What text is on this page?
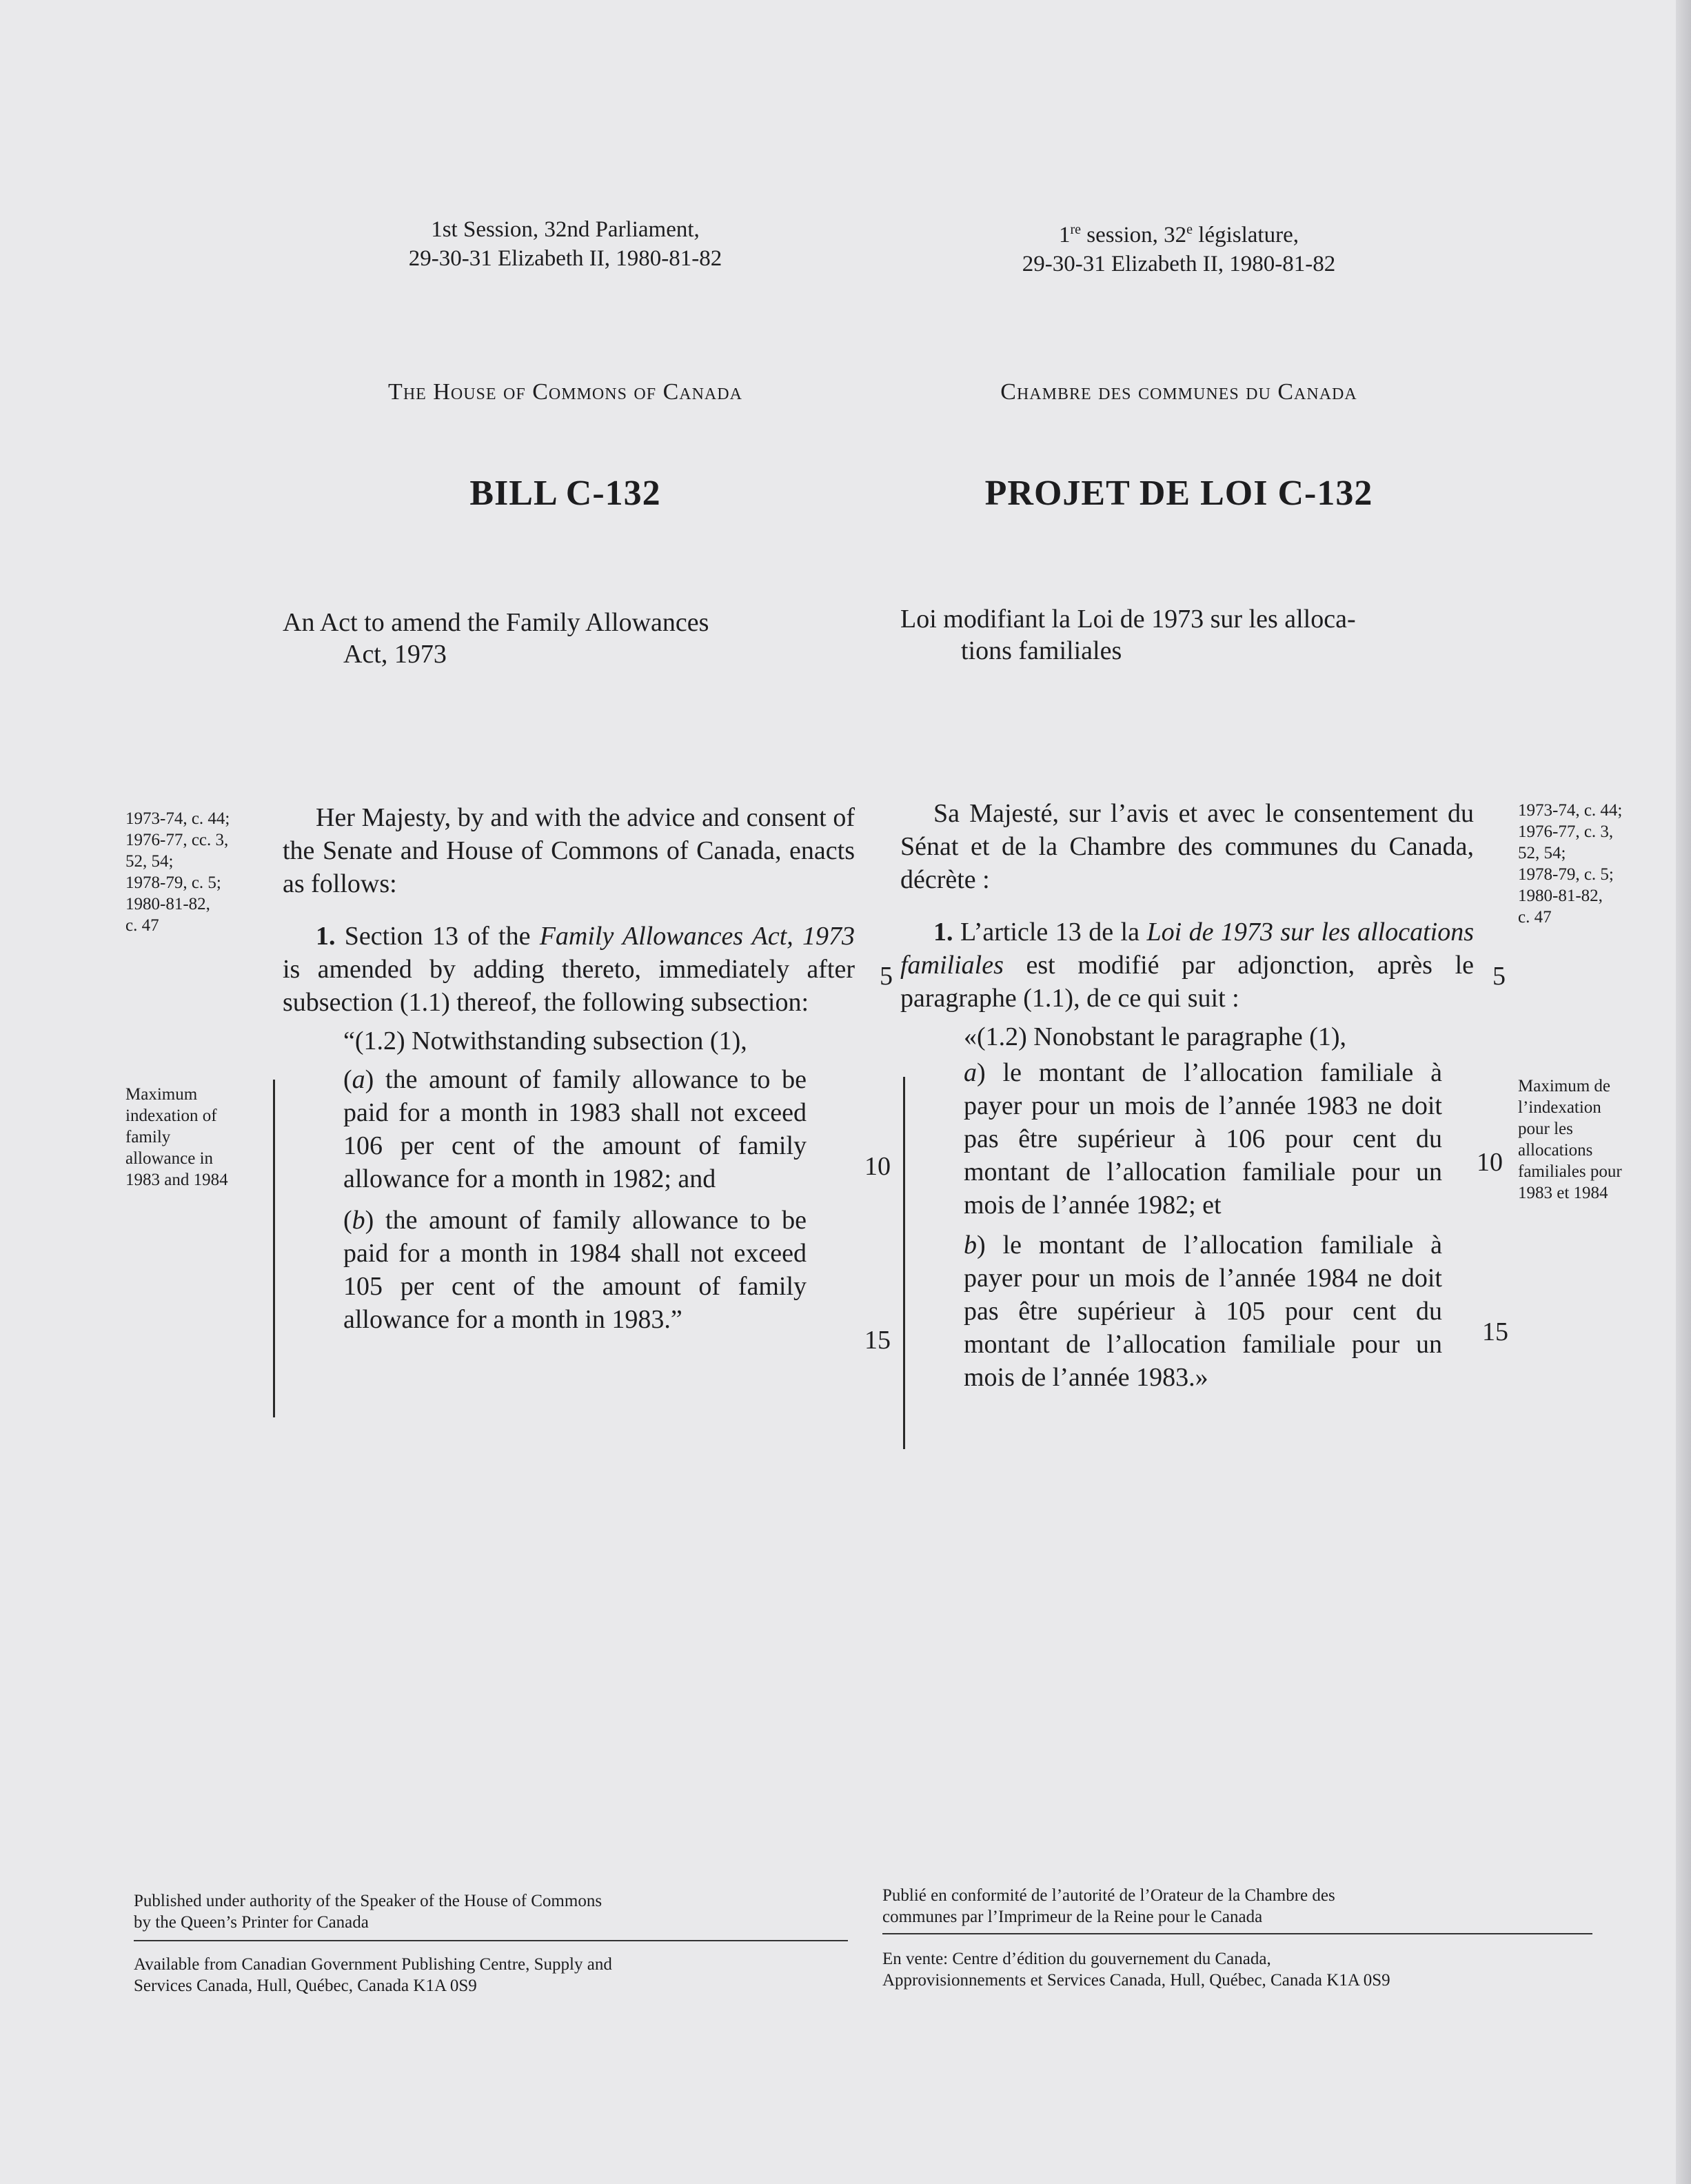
1st Session, 32nd Parliament,
29-30-31 Elizabeth II, 1980-81-82
1re session, 32e législature,
29-30-31 Elizabeth II, 1980-81-82
The House of Commons of Canada	Chambre des communes du Canada
BILL C-132	PROJET DE LOI C-132
An Act to amend the Family Allowances
Act, 1973
Loi modifiant la Loi de 1973 sur les alloca-
tions familiales
1973-74, c. 44;
1976-77, cc. 3,
52, 54;
1978-79, c. 5;
1980-81-82,
c. 47
Maximum
indexation of
family
allowance in
1983 and 1984

Her Majesty, by and with the advice and consent of the Senate and House of Commons of Canada, enacts as follows:

1. Section 13 of the Family Allowances Act, 1973 is amended by adding thereto, immediately after subsection (1.1) thereof, the following subsection:

“(1.2) Notwithstanding subsection (1),

(a) the amount of family allowance to be paid for a month in 1983 shall not exceed 106 per cent of the amount of family allowance for a month in 1982; and

(b) the amount of family allowance to be paid for a month in 1984 shall not exceed 105 per cent of the amount of family allowance for a month in 1983.”

5	5
10	10
15	15

Sa Majesté, sur l’avis et avec le consentement du Sénat et de la Chambre des communes du Canada, décrète :

1. L’article 13 de la Loi de 1973 sur les allocations familiales est modifié par adjonction, après le paragraphe (1.1), de ce qui suit :

«(1.2) Nonobstant le paragraphe (1),

a) le montant de l’allocation familiale à payer pour un mois de l’année 1983 ne doit pas être supérieur à 106 pour cent du montant de l’allocation familiale pour un mois de l’année 1982; et

b) le montant de l’allocation familiale à payer pour un mois de l’année 1984 ne doit pas être supérieur à 105 pour cent du montant de l’allocation familiale pour un mois de l’année 1983.»

1973-74, c. 44;
1976-77, c. 3,
52, 54;
1978-79, c. 5;
1980-81-82,
c. 47
Maximum de
l’indexation
pour les
allocations
familiales pour
1983 et 1984
Published under authority of the Speaker of the House of Commons
by the Queen’s Printer for Canada
Available from Canadian Government Publishing Centre, Supply and
Services Canada, Hull, Québec, Canada K1A 0S9
Publié en conformité de l’autorité de l’Orateur de la Chambre des
communes par l’Imprimeur de la Reine pour le Canada
En vente: Centre d’édition du gouvernement du Canada,
Approvisionnements et Services Canada, Hull, Québec, Canada K1A 0S9
